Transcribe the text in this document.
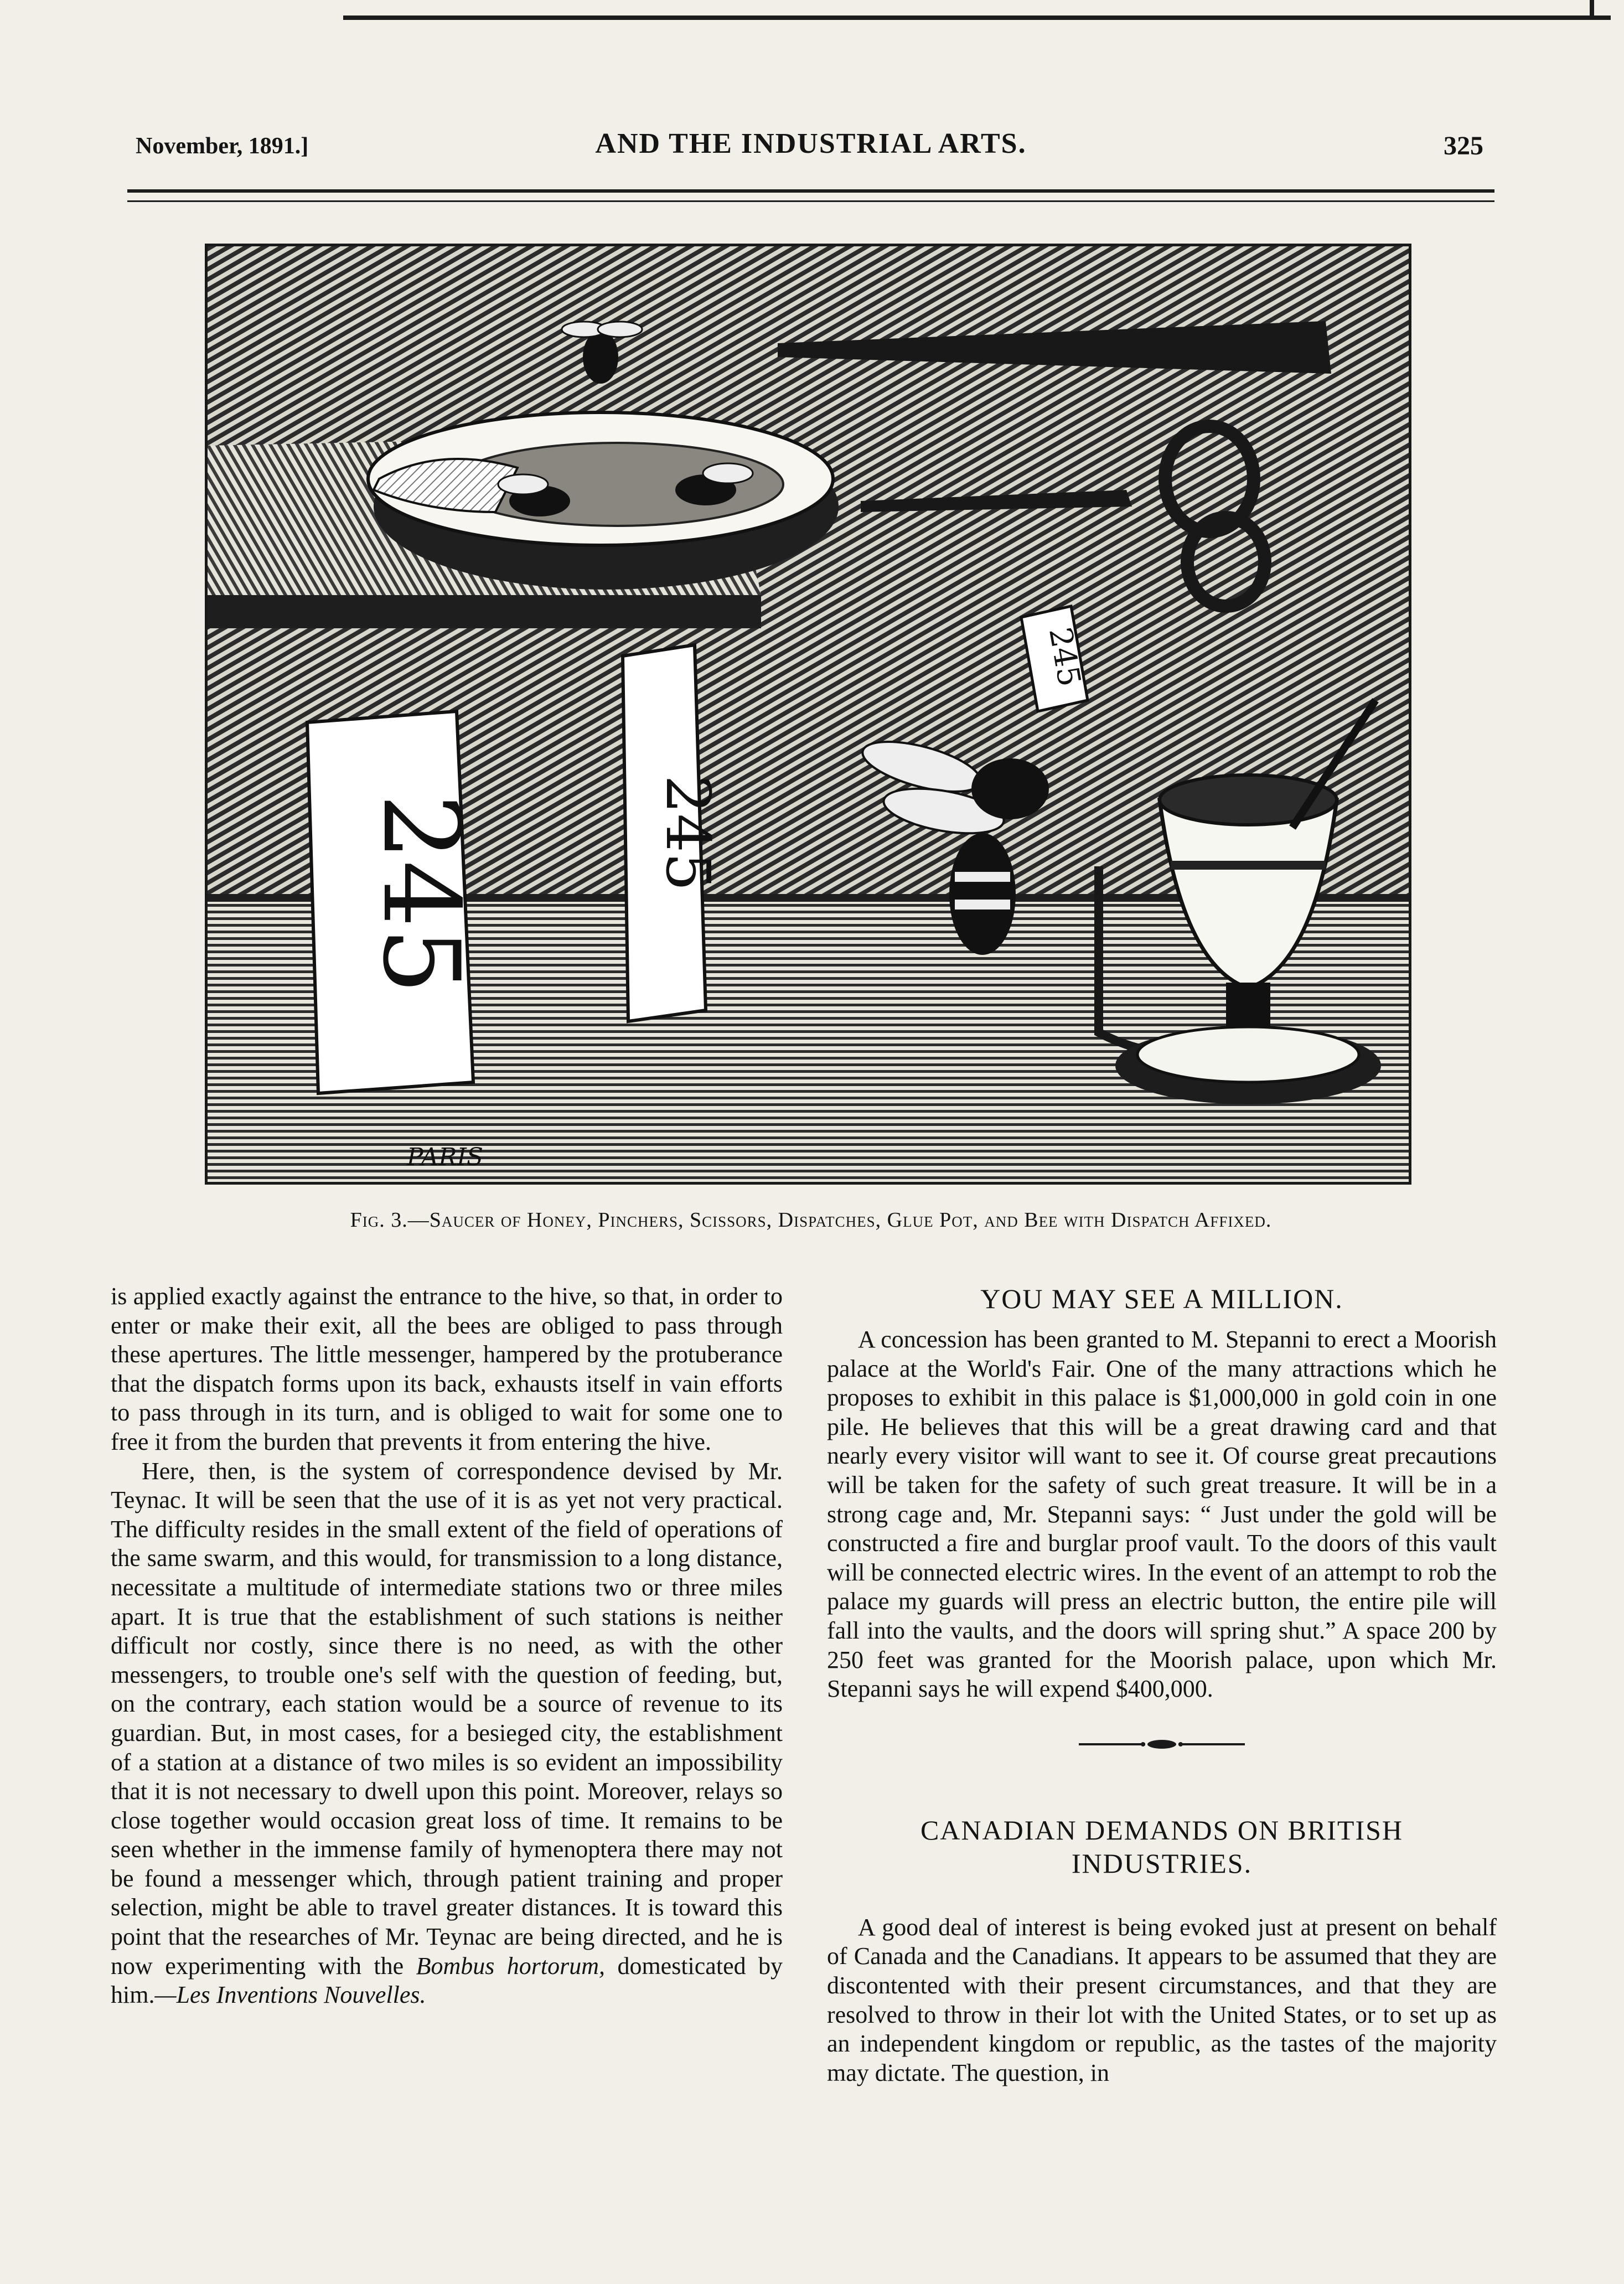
November, 1891.]	AND THE INDUSTRIAL ARTS.	325
245	245
245
PARIS
Fig. 3.—Saucer of Honey, Pinchers, Scissors, Dispatches, Glue Pot, and Bee with Dispatch Affixed.

is applied exactly against the entrance to the hive, so that, in order to enter or make their exit, all the bees are obliged to pass through these apertures. The little messenger, hampered by the protuberance that the dispatch forms upon its back, exhausts itself in vain efforts to pass through in its turn, and is obliged to wait for some one to free it from the burden that prevents it from entering the hive.

Here, then, is the system of correspondence devised by Mr. Teynac. It will be seen that the use of it is as yet not very practical. The difficulty resides in the small extent of the field of operations of the same swarm, and this would, for transmission to a long distance, necessitate a multitude of intermediate stations two or three miles apart. It is true that the establishment of such stations is neither difficult nor costly, since there is no need, as with the other messengers, to trouble one's self with the question of feeding, but, on the contrary, each station would be a source of revenue to its guardian. But, in most cases, for a besieged city, the establishment of a station at a distance of two miles is so evident an impossibility that it is not necessary to dwell upon this point. Moreover, relays so close together would occasion great loss of time. It remains to be seen whether in the immense family of hymenoptera there may not be found a messenger which, through patient training and proper selection, might be able to travel greater distances. It is toward this point that the researches of Mr. Teynac are being directed, and he is now experimenting with the Bombus hortorum, domesticated by him.—Les Inventions Nouvelles.

YOU MAY SEE A MILLION.

A concession has been granted to M. Stepanni to erect a Moorish palace at the World's Fair. One of the many attractions which he proposes to exhibit in this palace is $1,000,000 in gold coin in one pile. He believes that this will be a great drawing card and that nearly every visitor will want to see it. Of course great precautions will be taken for the safety of such great treasure. It will be in a strong cage and, Mr. Stepanni says: “ Just under the gold will be constructed a fire and burglar proof vault. To the doors of this vault will be connected electric wires. In the event of an attempt to rob the palace my guards will press an electric button, the entire pile will fall into the vaults, and the doors will spring shut.” A space 200 by 250 feet was granted for the Moorish palace, upon which Mr. Stepanni says he will expend $400,000.

CANADIAN DEMANDS ON BRITISH
INDUSTRIES.

A good deal of interest is being evoked just at present on behalf of Canada and the Canadians. It appears to be assumed that they are discontented with their present circumstances, and that they are resolved to throw in their lot with the United States, or to set up as an independent kingdom or republic, as the tastes of the majority may dictate. The question, in
